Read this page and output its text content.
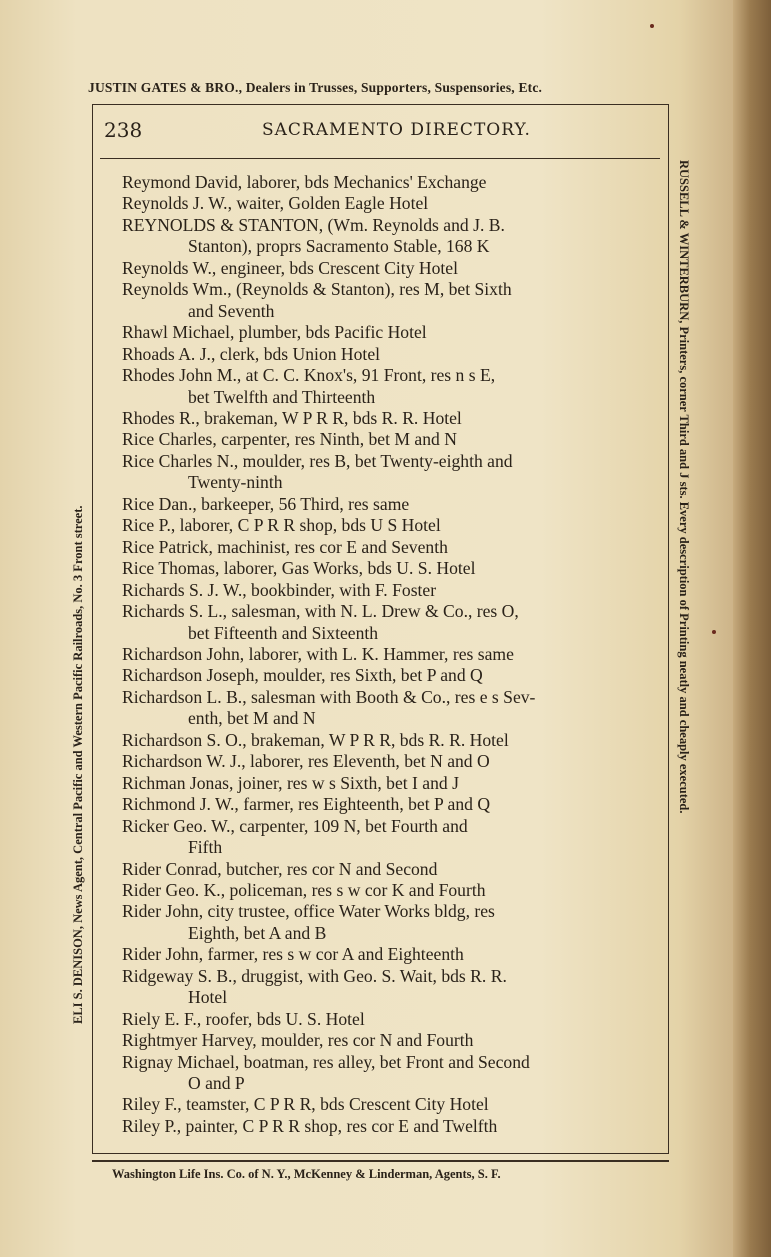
JUSTIN GATES & BRO., Dealers in Trusses, Supporters, Suspensories, Etc.
ELI S. DENISON, News Agent, Central Pacific and Western Pacific Railroads, No. 3 Front street.	RUSSELL & WINTERBURN, Printers, corner Third and J sts. Every description of Printing neatly and cheaply executed.
238	SACRAMENTO DIRECTORY.
Reymond David, laborer, bds Mechanics' Exchange
Reynolds J. W., waiter, Golden Eagle Hotel
REYNOLDS & STANTON, (Wm. Reynolds and J. B.
Stanton), proprs Sacramento Stable, 168 K
Reynolds W., engineer, bds Crescent City Hotel
Reynolds Wm., (Reynolds & Stanton), res M, bet Sixth
and Seventh
Rhawl Michael, plumber, bds Pacific Hotel
Rhoads A. J., clerk, bds Union Hotel
Rhodes John M., at C. C. Knox's, 91 Front, res n s E,
bet Twelfth and Thirteenth
Rhodes R., brakeman, W P R R, bds R. R. Hotel
Rice Charles, carpenter, res Ninth, bet M and N
Rice Charles N., moulder, res B, bet Twenty-eighth and
Twenty-ninth
Rice Dan., barkeeper, 56 Third, res same
Rice P., laborer, C P R R shop, bds U S Hotel
Rice Patrick, machinist, res cor E and Seventh
Rice Thomas, laborer, Gas Works, bds U. S. Hotel
Richards S. J. W., bookbinder, with F. Foster
Richards S. L., salesman, with N. L. Drew & Co., res O,
bet Fifteenth and Sixteenth
Richardson John, laborer, with L. K. Hammer, res same
Richardson Joseph, moulder, res Sixth, bet P and Q
Richardson L. B., salesman with Booth & Co., res e s Sev-
enth, bet M and N
Richardson S. O., brakeman, W P R R, bds R. R. Hotel
Richardson W. J., laborer, res Eleventh, bet N and O
Richman Jonas, joiner, res w s Sixth, bet I and J
Richmond J. W., farmer, res Eighteenth, bet P and Q
Ricker Geo. W., carpenter, 109 N, bet Fourth and
Fifth
Rider Conrad, butcher, res cor N and Second
Rider Geo. K., policeman, res s w cor K and Fourth
Rider John, city trustee, office Water Works bldg, res
Eighth, bet A and B
Rider John, farmer, res s w cor A and Eighteenth
Ridgeway S. B., druggist, with Geo. S. Wait, bds R. R.
Hotel
Riely E. F., roofer, bds U. S. Hotel
Rightmyer Harvey, moulder, res cor N and Fourth
Rignay Michael, boatman, res alley, bet Front and Second
O and P
Riley F., teamster, C P R R, bds Crescent City Hotel
Riley P., painter, C P R R shop, res cor E and Twelfth
Washington Life Ins. Co. of N. Y., McKenney & Linderman, Agents, S. F.
